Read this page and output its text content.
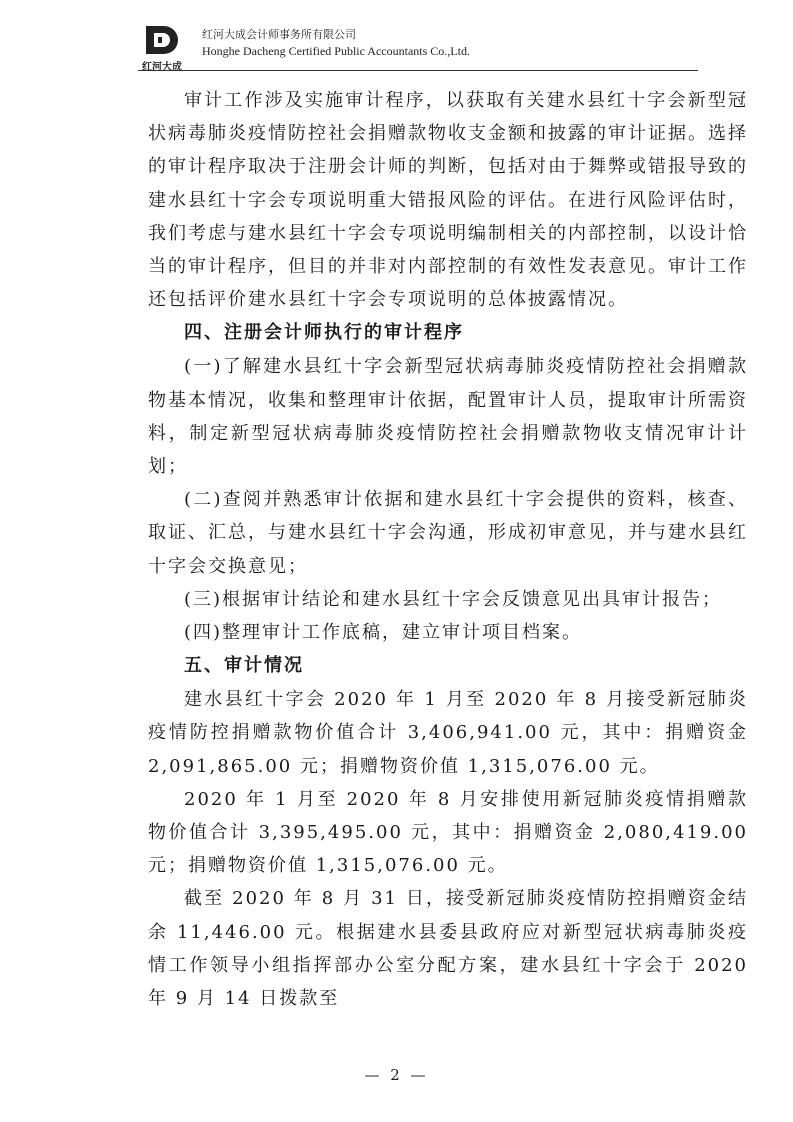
红河大成
红河大成会计师事务所有限公司
Honghe Dacheng Certified Public Accountants Co.,Ltd.

审计工作涉及实施审计程序，以获取有关建水县红十字会新型冠状病毒肺炎疫情防控社会捐赠款物收支金额和披露的审计证据。选择的审计程序取决于注册会计师的判断，包括对由于舞弊或错报导致的建水县红十字会专项说明重大错报风险的评估。在进行风险评估时，我们考虑与建水县红十字会专项说明编制相关的内部控制，以设计恰当的审计程序，但目的并非对内部控制的有效性发表意见。审计工作还包括评价建水县红十字会专项说明的总体披露情况。

四、注册会计师执行的审计程序

(一)了解建水县红十字会新型冠状病毒肺炎疫情防控社会捐赠款物基本情况，收集和整理审计依据，配置审计人员，提取审计所需资料，制定新型冠状病毒肺炎疫情防控社会捐赠款物收支情况审计计划；

(二)查阅并熟悉审计依据和建水县红十字会提供的资料，核查、取证、汇总，与建水县红十字会沟通，形成初审意见，并与建水县红十字会交换意见；

(三)根据审计结论和建水县红十字会反馈意见出具审计报告；

(四)整理审计工作底稿，建立审计项目档案。

五、审计情况

建水县红十字会 2020 年 1 月至 2020 年 8 月接受新冠肺炎疫情防控捐赠款物价值合计 3,406,941.00 元，其中：捐赠资金 2,091,865.00 元；捐赠物资价值 1,315,076.00 元。

2020 年 1 月至 2020 年 8 月安排使用新冠肺炎疫情捐赠款物价值合计 3,395,495.00 元，其中：捐赠资金 2,080,419.00 元；捐赠物资价值 1,315,076.00 元。

截至 2020 年 8 月 31 日，接受新冠肺炎疫情防控捐赠资金结余 11,446.00 元。根据建水县委县政府应对新型冠状病毒肺炎疫情工作领导小组指挥部办公室分配方案，建水县红十字会于 2020 年 9 月 14 日拨款至

— 2 —
